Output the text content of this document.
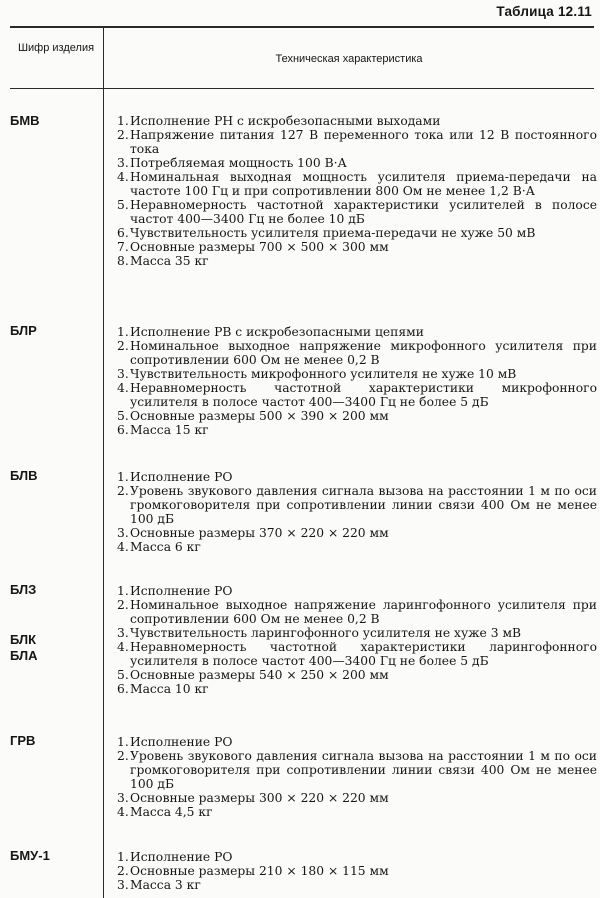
Таблица 12.11
Шифр изделия
Техническая характеристика
БМВ
БЛР
БЛВ
БЛЗ
БЛК
БЛА
ГРВ
БМУ-1
1. Исполнение РН с искробезопасными выходами
2. Напряжение питания 127 В переменного тока или 12 В постоянного тока
3. Потребляемая мощность 100 В·А
4. Номинальная выходная мощность усилителя приема-передачи на частоте 100 Гц и при сопротивлении 800 Ом не менее 1,2 В·А
5. Неравномерность частотной характеристики усилителей в полосе частот 400—3400 Гц не более 10 дБ
6. Чувствительность усилителя приема-передачи не хуже 50 мВ
7. Основные размеры 700 × 500 × 300 мм
8. Масса 35 кг
1. Исполнение РВ с искробезопасными цепями
2. Номинальное выходное напряжение микрофонного усилителя при сопротивлении 600 Ом не менее 0,2 В
3. Чувствительность микрофонного усилителя не хуже 10 мВ
4. Неравномерность частотной характеристики микрофонного усилителя в полосе частот 400—3400 Гц не более 5 дБ
5. Основные размеры 500 × 390 × 200 мм
6. Масса 15 кг
1. Исполнение РО
2. Уровень звукового давления сигнала вызова на расстоянии 1 м по оси громкоговорителя при сопротивлении линии связи 400 Ом не менее 100 дБ
3. Основные размеры 370 × 220 × 220 мм
4. Масса 6 кг
1. Исполнение РО
2. Номинальное выходное напряжение ларингофонного усилителя при сопротивлении 600 Ом не менее 0,2 В
3. Чувствительность ларингофонного усилителя не хуже 3 мВ
4. Неравномерность частотной характеристики ларингофонного усилителя в полосе частот 400—3400 Гц не более 5 дБ
5. Основные размеры 540 × 250 × 200 мм
6. Масса 10 кг
1. Исполнение РО
2. Уровень звукового давления сигнала вызова на расстоянии 1 м по оси громкоговорителя при сопротивлении линии связи 400 Ом не менее 100 дБ
3. Основные размеры 300 × 220 × 220 мм
4. Масса 4,5 кг
1. Исполнение РО
2. Основные размеры 210 × 180 × 115 мм
3. Масса 3 кг
